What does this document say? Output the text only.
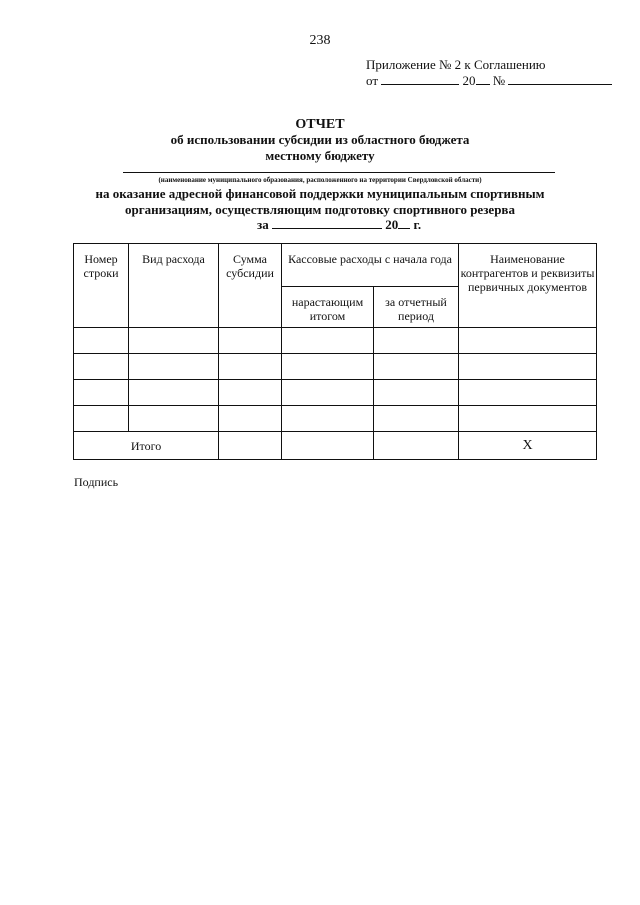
238
Приложение № 2 к Соглашению
от	20 №
ОТЧЕТ
об использовании субсидии из областного бюджета
местному бюджету
(наименование муниципального образования, расположенного на территории Свердловской области)
на оказание адресной финансовой поддержки муниципальным спортивным
организациям, осуществляющим подготовку спортивного резерва
за	20 г.
Номер строки	Вид расхода	Сумма субсидии	Кассовые расходы с начала года		Наименование контрагентов и реквизиты первичных документов
			нарастающим итогом	за отчетный период	

Итого					Х
Подпись
